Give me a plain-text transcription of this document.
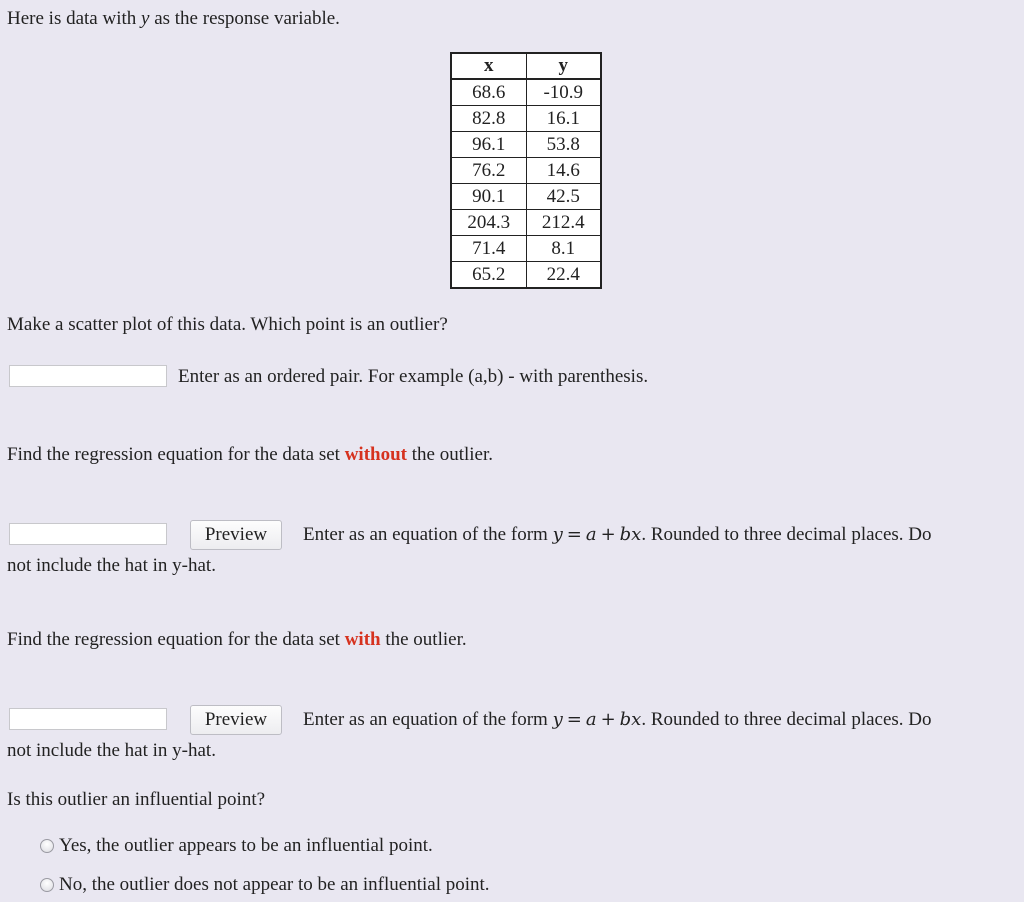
Here is data with y as the response variable.
x	y
68.6	-10.9
82.8	16.1
96.1	53.8
76.2	14.6
90.1	42.5
204.3	212.4
71.4	8.1
65.2	22.4
Make a scatter plot of this data. Which point is an outlier?
Enter as an ordered pair. For example (a,b) - with parenthesis.
Find the regression equation for the data set without the outlier.
Preview	Enter as an equation of the form y = a + bx. Rounded to three decimal places. Do
not include the hat in y-hat.
Find the regression equation for the data set with the outlier.
Preview	Enter as an equation of the form y = a + bx. Rounded to three decimal places. Do
not include the hat in y-hat.
Is this outlier an influential point?
Yes, the outlier appears to be an influential point.
No, the outlier does not appear to be an influential point.
